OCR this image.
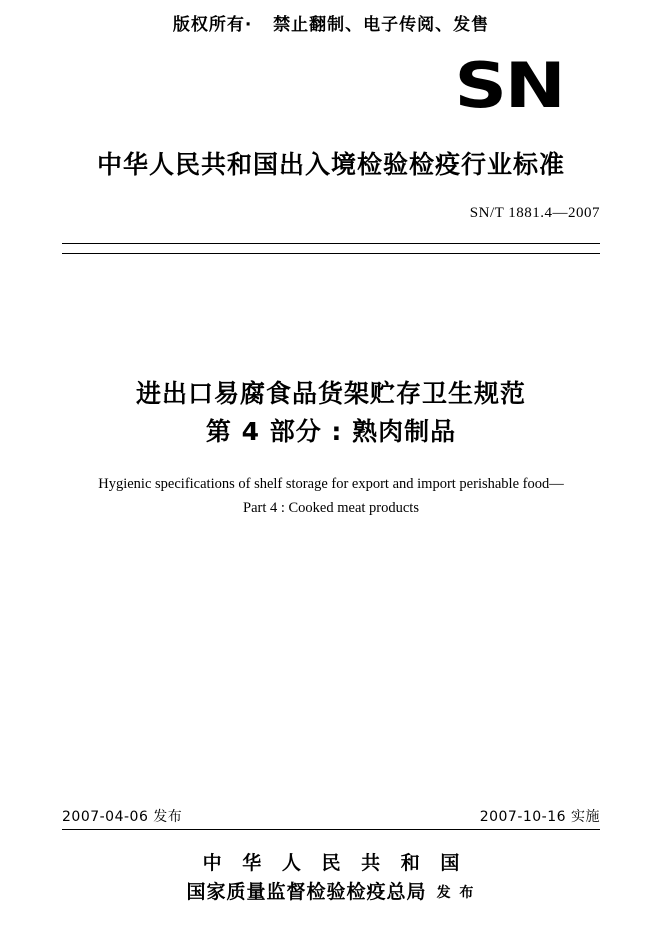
版权所有·   禁止翻制、电子传阅、发售
SN
中华人民共和国出入境检验检疫行业标准
SN/T 1881.4—2007
进出口易腐食品货架贮存卫生规范
第 4 部分 : 熟肉制品
Hygienic specifications of shelf storage for export and import perishable food—
Part 4 : Cooked meat products
2007-04-06 发布	2007-10-16 实施
中 华 人 民 共 和 国
国家质量监督检验检疫总局 发 布
